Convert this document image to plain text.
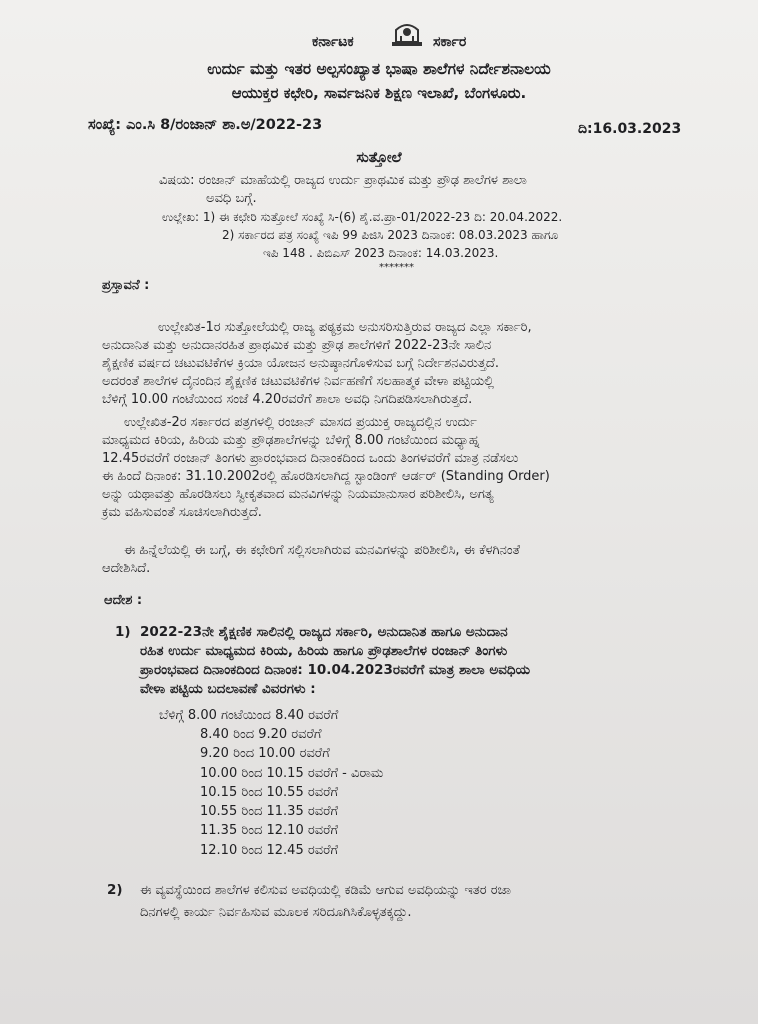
ಕರ್ನಾಟಕ	ಸರ್ಕಾರ
ಉರ್ದು ಮತ್ತು ಇತರ ಅಲ್ಪಸಂಖ್ಯಾತ ಭಾಷಾ ಶಾಲೆಗಳ ನಿರ್ದೇಶನಾಲಯ
ಆಯುಕ್ತರ ಕಛೇರಿ, ಸಾರ್ವಜನಿಕ ಶಿಕ್ಷಣ ಇಲಾಖೆ, ಬೆಂಗಳೂರು.
ಸಂಖ್ಯೆ: ಎಂ.ಸಿ 8/ರಂಜಾನ್ ಶಾ.ಅ/2022-23	ದಿ:16.03.2023
ಸುತ್ತೋಲೆ
ವಿಷಯ: ರಂಜಾನ್ ಮಾಹೆಯಲ್ಲಿ ರಾಜ್ಯದ ಉರ್ದು ಪ್ರಾಥಮಿಕ ಮತ್ತು ಪ್ರೌಢ ಶಾಲೆಗಳ ಶಾಲಾ
ಅವಧಿ ಬಗ್ಗೆ.
ಉಲ್ಲೇಖ: 1) ಈ ಕಛೇರಿ ಸುತ್ತೋಲೆ ಸಂಖ್ಯೆ ಸಿ-(6) ಶೈ.ವ.ಪ್ರಾ-01/2022-23 ದಿ: 20.04.2022.
2) ಸರ್ಕಾರದ ಪತ್ರ ಸಂಖ್ಯೆ ಇಪಿ 99 ಪಿಜಿಸಿ 2023 ದಿನಾಂಕ: 08.03.2023 ಹಾಗೂ
ಇಪಿ 148 . ಪಿಬಿಎಸ್ 2023 ದಿನಾಂಕ: 14.03.2023.
*******
ಪ್ರಸ್ತಾವನೆ :
ಉಲ್ಲೇಖಿತ-1ರ ಸುತ್ತೋಲೆಯಲ್ಲಿ ರಾಜ್ಯ ಪಠ್ಯಕ್ರಮ ಅನುಸರಿಸುತ್ತಿರುವ ರಾಜ್ಯದ ಎಲ್ಲಾ ಸರ್ಕಾರಿ,
ಅನುದಾನಿತ ಮತ್ತು ಅನುದಾನರಹಿತ ಪ್ರಾಥಮಿಕ ಮತ್ತು ಪ್ರೌಢ ಶಾಲೆಗಳಿಗೆ 2022-23ನೇ ಸಾಲಿನ
ಶೈಕ್ಷಣಿಕ ವರ್ಷದ ಚಟುವಟಿಕೆಗಳ ಕ್ರಿಯಾ ಯೋಜನ ಅನುಷ್ಠಾನಗೊಳಿಸುವ ಬಗ್ಗೆ ನಿರ್ದೇಶನವಿರುತ್ತದೆ.
ಅದರಂತೆ ಶಾಲೆಗಳ ದೈನಂದಿನ ಶೈಕ್ಷಣಿಕ ಚಟುವಟಿಕೆಗಳ ನಿರ್ವಹಣೆಗೆ ಸಲಹಾತ್ಮಕ ವೇಳಾ ಪಟ್ಟಿಯಲ್ಲಿ
ಬೆಳಿಗ್ಗೆ 10.00 ಗಂಟೆಯಿಂದ ಸಂಜೆ 4.20ರವರೆಗೆ ಶಾಲಾ ಅವಧಿ ನಿಗದಿಪಡಿಸಲಾಗಿರುತ್ತದೆ.
ಉಲ್ಲೇಖಿತ-2ರ ಸರ್ಕಾರದ ಪತ್ರಗಳಲ್ಲಿ ರಂಜಾನ್ ಮಾಸದ ಪ್ರಯುಕ್ತ ರಾಜ್ಯದಲ್ಲಿನ ಉರ್ದು
ಮಾಧ್ಯಮದ ಕಿರಿಯ, ಹಿರಿಯ ಮತ್ತು ಪ್ರೌಢಶಾಲೆಗಳನ್ನು ಬೆಳಿಗ್ಗೆ 8.00 ಗಂಟೆಯಿಂದ ಮಧ್ಯಾಹ್ನ
12.45ರವರೆಗೆ ರಂಜಾನ್ ತಿಂಗಳು ಪ್ರಾರಂಭವಾದ ದಿನಾಂಕದಿಂದ ಒಂದು ತಿಂಗಳವರೆಗೆ ಮಾತ್ರ ನಡೆಸಲು
ಈ ಹಿಂದೆ ದಿನಾಂಕ: 31.10.2002ರಲ್ಲಿ ಹೊರಡಿಸಲಾಗಿದ್ದ ಸ್ಟಾಂಡಿಂಗ್ ಆರ್ಡರ್ (Standing Order)
ಅನ್ನು ಯಥಾವತ್ತು ಹೊರಡಿಸಲು ಸ್ವೀಕೃತವಾದ ಮನವಿಗಳನ್ನು ನಿಯಮಾನುಸಾರ ಪರಿಶೀಲಿಸಿ, ಅಗತ್ಯ
ಕ್ರಮ ವಹಿಸುವಂತೆ ಸೂಚಿಸಲಾಗಿರುತ್ತದೆ.
ಈ ಹಿನ್ನೆಲೆಯಲ್ಲಿ ಈ ಬಗ್ಗೆ, ಈ ಕಛೇರಿಗೆ ಸಲ್ಲಿಸಲಾಗಿರುವ ಮನವಿಗಳನ್ನು ಪರಿಶೀಲಿಸಿ, ಈ ಕೆಳಗಿನಂತೆ
ಆದೇಶಿಸಿದೆ.
ಆದೇಶ :
1) 2022-23ನೇ ಶೈಕ್ಷಣಿಕ ಸಾಲಿನಲ್ಲಿ ರಾಜ್ಯದ ಸರ್ಕಾರಿ, ಅನುದಾನಿತ ಹಾಗೂ ಅನುದಾನ
ರಹಿತ ಉರ್ದು ಮಾಧ್ಯಮದ ಕಿರಿಯ, ಹಿರಿಯ ಹಾಗೂ ಪ್ರೌಢಶಾಲೆಗಳ ರಂಜಾನ್ ತಿಂಗಳು
ಪ್ರಾರಂಭವಾದ ದಿನಾಂಕದಿಂದ ದಿನಾಂಕ: 10.04.2023ರವರೆಗೆ ಮಾತ್ರ ಶಾಲಾ ಅವಧಿಯ
ವೇಳಾ ಪಟ್ಟಿಯ ಬದಲಾವಣೆ ವಿವರಗಳು :
ಬೆಳಿಗ್ಗೆ 8.00 ಗಂಟೆಯಿಂದ 8.40 ರವರೆಗೆ
8.40 ರಿಂದ 9.20 ರವರೆಗೆ
9.20 ರಿಂದ 10.00 ರವರೆಗೆ
10.00 ರಿಂದ 10.15 ರವರೆಗೆ - ವಿರಾಮ
10.15 ರಿಂದ 10.55 ರವರೆಗೆ
10.55 ರಿಂದ 11.35 ರವರೆಗೆ
11.35 ರಿಂದ 12.10 ರವರೆಗೆ
12.10 ರಿಂದ 12.45 ರವರೆಗೆ
2) ಈ ವ್ಯವಸ್ಥೆಯಿಂದ ಶಾಲೆಗಳ ಕಲಿಸುವ ಅವಧಿಯಲ್ಲಿ ಕಡಿಮೆ ಆಗುವ ಅವಧಿಯನ್ನು ಇತರ ರಜಾ
ದಿನಗಳಲ್ಲಿ ಕಾರ್ಯ ನಿರ್ವಹಿಸುವ ಮೂಲಕ ಸರಿದೂಗಿಸಿಕೊಳ್ಳತಕ್ಕದ್ದು.
